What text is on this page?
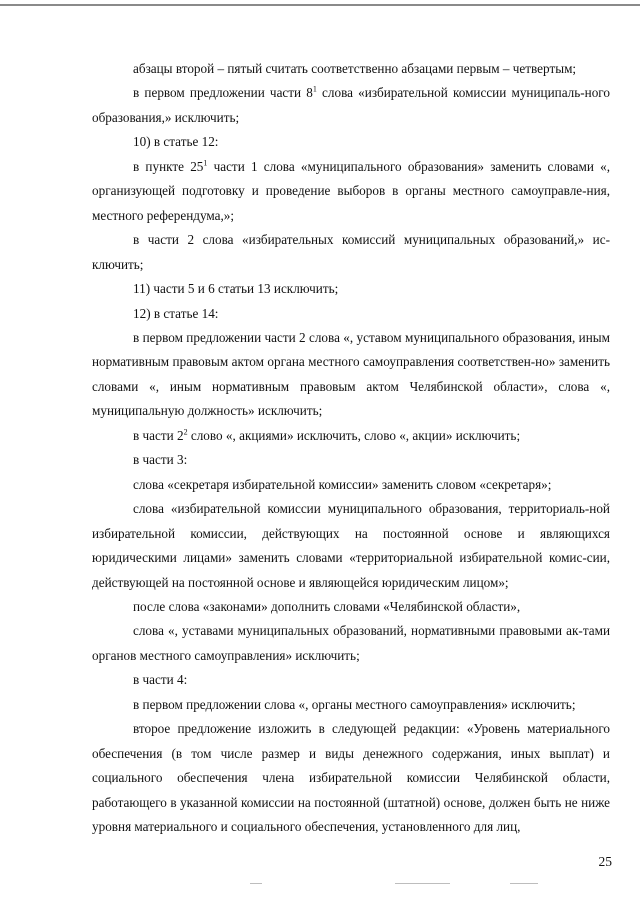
абзацы второй – пятый считать соответственно абзацами первым – четвертым;

в первом предложении части $8^1$ слова «избирательной комиссии муниципаль-ного образования,» исключить;

10) в статье 12:

в пункте $25^1$ части 1 слова «муниципального образования» заменить словами «, организующей подготовку и проведение выборов в органы местного самоуправле-ния, местного референдума,»;

в части 2 слова «избирательных комиссий муниципальных образований,» ис-ключить;

11) части 5 и 6 статьи 13 исключить;

12) в статье 14:

в первом предложении части 2 слова «, уставом муниципального образования, иным нормативным правовым актом органа местного самоуправления соответствен-но» заменить словами «, иным нормативным правовым актом Челябинской области», слова «, муниципальную должность» исключить;

в части $2^2$ слово «, акциями» исключить, слово «, акции» исключить;

в части 3:

слова «секретаря избирательной комиссии» заменить словом «секретаря»;

слова «избирательной комиссии муниципального образования, территориаль-ной избирательной комиссии, действующих на постоянной основе и являющихся юридическими лицами» заменить словами «территориальной избирательной комис-сии, действующей на постоянной основе и являющейся юридическим лицом»;

после слова «законами» дополнить словами «Челябинской области»,

слова «, уставами муниципальных образований, нормативными правовыми ак-тами органов местного самоуправления» исключить;

в части 4:

в первом предложении слова «, органы местного самоуправления» исключить;

второе предложение изложить в следующей редакции: «Уровень материального обеспечения (в том числе размер и виды денежного содержания, иных выплат) и социального обеспечения члена избирательной комиссии Челябинской области, работающего в указанной комиссии на постоянной (штатной) основе, должен быть не ниже уровня материального и социального обеспечения, установленного для лиц,

25
